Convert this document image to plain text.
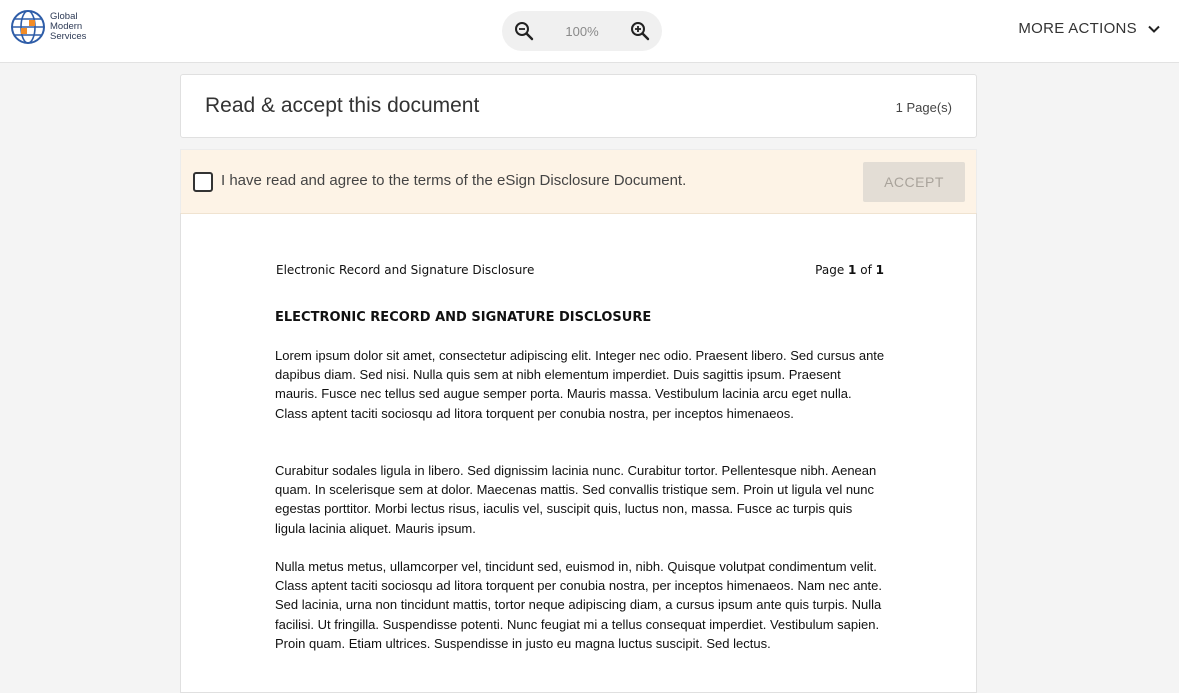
Global
Modern
Services	100%	MORE ACTIONS
Read & accept this document	1 Page(s)
I have read and agree to the terms of the eSign Disclosure Document.	ACCEPT
Electronic Record and Signature Disclosure	Page 1 of 1
ELECTRONIC RECORD AND SIGNATURE DISCLOSURE
Lorem ipsum dolor sit amet, consectetur adipiscing elit. Integer nec odio. Praesent libero. Sed cursus ante dapibus diam. Sed nisi. Nulla quis sem at nibh elementum imperdiet. Duis sagittis ipsum. Praesent mauris. Fusce nec tellus sed augue semper porta. Mauris massa. Vestibulum lacinia arcu eget nulla. Class aptent taciti sociosqu ad litora torquent per conubia nostra, per inceptos himenaeos.
Curabitur sodales ligula in libero. Sed dignissim lacinia nunc. Curabitur tortor. Pellentesque nibh. Aenean quam. In scelerisque sem at dolor. Maecenas mattis. Sed convallis tristique sem. Proin ut ligula vel nunc egestas porttitor. Morbi lectus risus, iaculis vel, suscipit quis, luctus non, massa. Fusce ac turpis quis ligula lacinia aliquet. Mauris ipsum.
Nulla metus metus, ullamcorper vel, tincidunt sed, euismod in, nibh. Quisque volutpat condimentum velit. Class aptent taciti sociosqu ad litora torquent per conubia nostra, per inceptos himenaeos. Nam nec ante. Sed lacinia, urna non tincidunt mattis, tortor neque adipiscing diam, a cursus ipsum ante quis turpis. Nulla facilisi. Ut fringilla. Suspendisse potenti. Nunc feugiat mi a tellus consequat imperdiet. Vestibulum sapien. Proin quam. Etiam ultrices. Suspendisse in justo eu magna luctus suscipit. Sed lectus.
